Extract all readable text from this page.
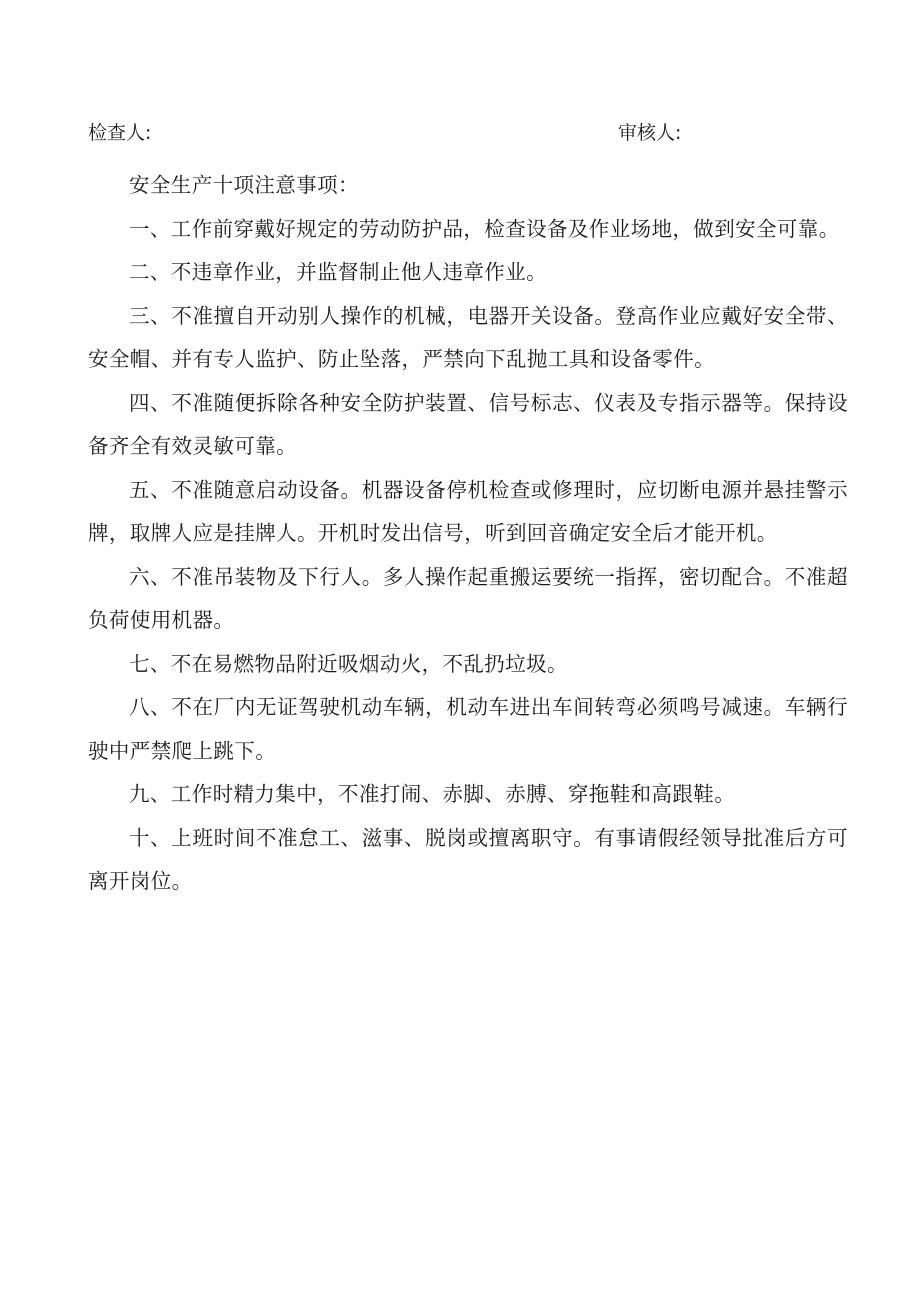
检查人 :	审核人 :

安全生产十项注意事项：

一、工作前穿戴好规定的劳动防护品，检查设备及作业场地，做到安全可靠。

二、不违章作业，并监督制止他人违章作业。

三、不准擅自开动别人操作的机械，电器开关设备。登高作业应戴好安全带、安全帽、并有专人监护、防止坠落，严禁向下乱抛工具和设备零件。

四、不准随便拆除各种安全防护装置、信号标志、仪表及专指示器等。保持设备齐全有效灵敏可靠。

五、不准随意启动设备。机器设备停机检查或修理时，应切断电源并悬挂警示牌，取牌人应是挂牌人。开机时发出信号，听到回音确定安全后才能开机。

六、不准吊装物及下行人。多人操作起重搬运要统一指挥，密切配合。不准超负荷使用机器。

七、不在易燃物品附近吸烟动火，不乱扔垃圾。

八、不在厂内无证驾驶机动车辆，机动车进出车间转弯必须鸣号减速。车辆行驶中严禁爬上跳下。

九、工作时精力集中，不准打闹、赤脚、赤膊、穿拖鞋和高跟鞋。

十、上班时间不准怠工、滋事、脱岗或擅离职守。有事请假经领导批准后方可离开岗位。
